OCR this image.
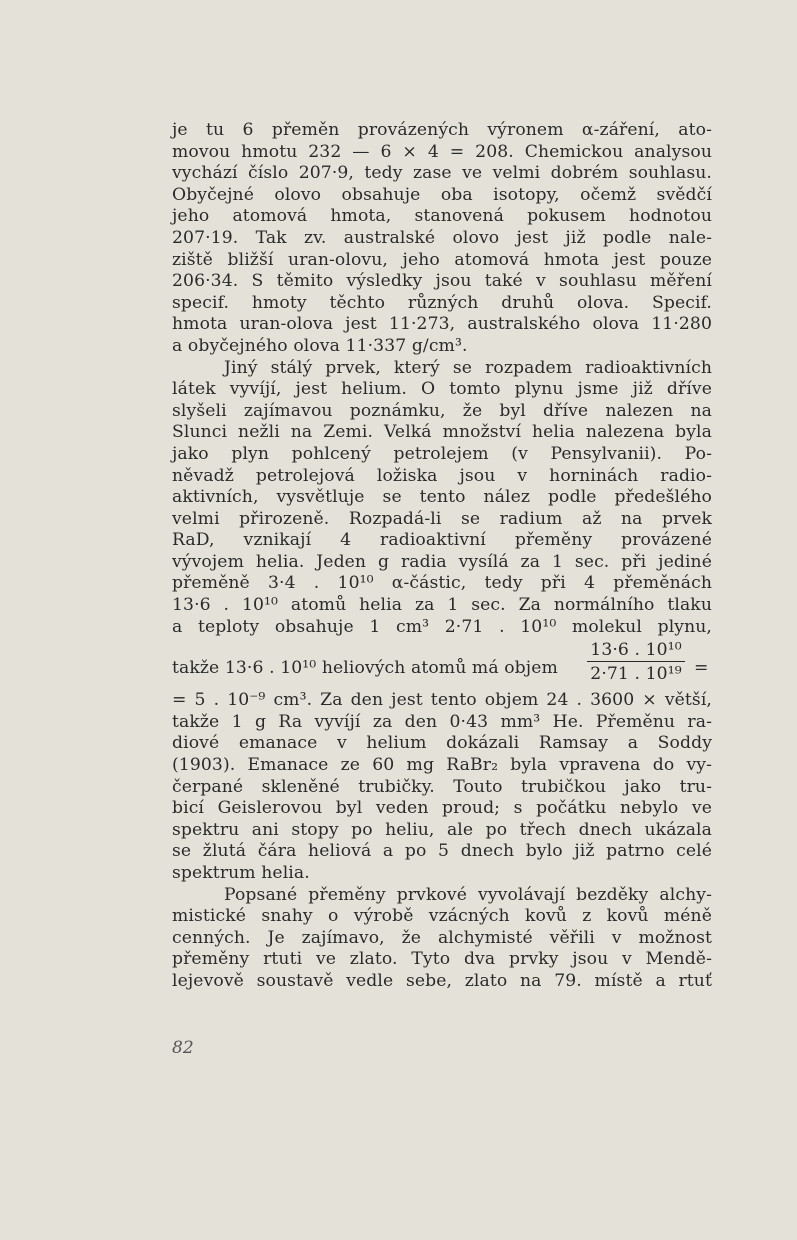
je tu 6 přeměn provázených výronem α-záření, ato-
movou hmotu 232 — 6 × 4 = 208. Chemickou analysou
vychází číslo 207·9, tedy zase ve velmi dobrém souhlasu.
Obyčejné olovo obsahuje oba isotopy, očemž svědčí
jeho atomová hmota, stanovená pokusem hodnotou
207·19. Tak zv. australské olovo jest již podle nale-
ziště bližší uran-olovu, jeho atomová hmota jest pouze
206·34. S těmito výsledky jsou také v souhlasu měření
specif. hmoty těchto různých druhů olova. Specif.
hmota uran-olova jest 11·273, australského olova 11·280
a obyčejného olova 11·337 g/cm³.
Jiný stálý prvek, který se rozpadem radioaktivních
látek vyvíjí, jest helium. O tomto plynu jsme již dříve
slyšeli zajímavou poznámku, že byl dříve nalezen na
Slunci nežli na Zemi. Velká množství helia nalezena byla
jako plyn pohlcený petrolejem (v Pensylvanii). Po-
něvadž petrolejová ložiska jsou v horninách radio-
aktivních, vysvětluje se tento nález podle předešlého
velmi přirozeně. Rozpadá-li se radium až na prvek
RaD, vznikají 4 radioaktivní přeměny provázené
vývojem helia. Jeden g radia vysílá za 1 sec. při jediné
přeměně 3·4 . 10¹⁰ α-částic, tedy při 4 přeměnách
13·6 . 10¹⁰ atomů helia za 1 sec. Za normálního tlaku
a teploty obsahuje 1 cm³ 2·71 . 10¹⁰ molekul plynu,
takže 13·6 . 10¹⁰ heliových atomů má objem
13·6 . 10¹⁰
2·71 . 10¹⁹ =
= 5 . 10⁻⁹ cm³. Za den jest tento objem 24 . 3600 × větší,
takže 1 g Ra vyvíjí za den 0·43 mm³ He. Přeměnu ra-
diové emanace v helium dokázali Ramsay a Soddy
(1903). Emanace ze 60 mg RaBr₂ byla vpravena do vy-
čerpané skleněné trubičky. Touto trubičkou jako tru-
bicí Geislerovou byl veden proud; s počátku nebylo ve
spektru ani stopy po heliu, ale po třech dnech ukázala
se žlutá čára heliová a po 5 dnech bylo již patrno celé
spektrum helia.
Popsané přeměny prvkové vyvolávají bezděky alchy-
mistické snahy o výrobě vzácných kovů z kovů méně
cenných. Je zajímavo, že alchymisté věřili v možnost
přeměny rtuti ve zlato. Tyto dva prvky jsou v Mendě-
lejevově soustavě vedle sebe, zlato na 79. místě a rtuť
82
